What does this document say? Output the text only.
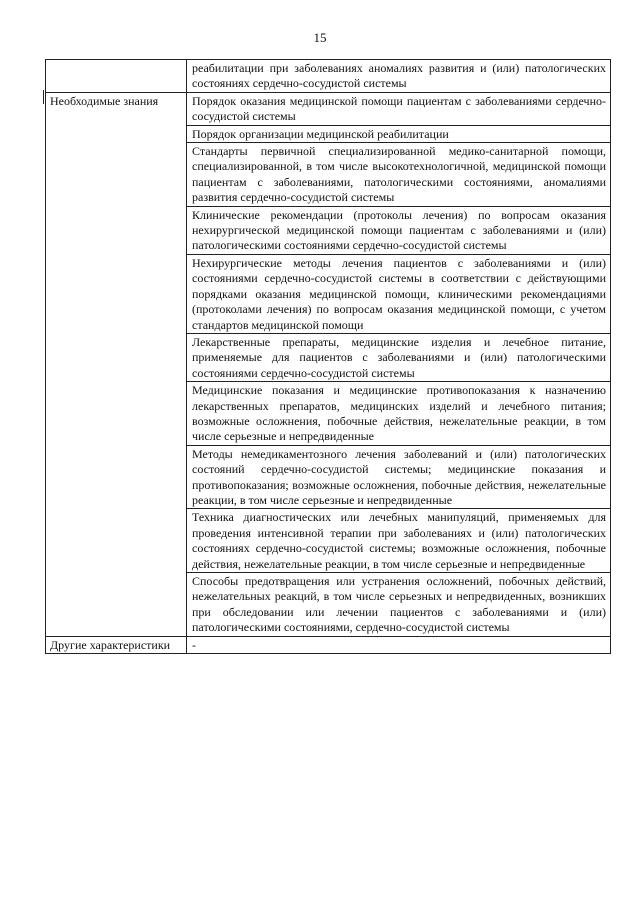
15
	реабилитации при заболеваниях аномалиях развития и (или) патологических состояниях сердечно-сосудистой системы
Необходимые знания	Порядок оказания медицинской помощи пациентам с заболеваниями сердечно-сосудистой системы
	Порядок организации медицинской реабилитации
	Стандарты первичной специализированной медико-санитарной помощи, специализированной, в том числе высокотехнологичной, медицинской помощи пациентам с заболеваниями, патологическими состояниями, аномалиями развития сердечно-сосудистой системы
	Клинические рекомендации (протоколы лечения) по вопросам оказания нехирургической медицинской помощи пациентам с заболеваниями и (или) патологическими состояниями сердечно-сосудистой системы
	Нехирургические методы лечения пациентов с заболеваниями и (или) состояниями сердечно-сосудистой системы в соответствии с действующими порядками оказания медицинской помощи, клиническими рекомендациями (протоколами лечения) по вопросам оказания медицинской помощи, с учетом стандартов медицинской помощи
	Лекарственные препараты, медицинские изделия и лечебное питание, применяемые для пациентов с заболеваниями и (или) патологическими состояниями сердечно-сосудистой системы
	Медицинские показания и медицинские противопоказания к назначению лекарственных препаратов, медицинских изделий и лечебного питания; возможные осложнения, побочные действия, нежелательные реакции, в том числе серьезные и непредвиденные
	Методы немедикаментозного лечения заболеваний и (или) патологических состояний сердечно-сосудистой системы; медицинские показания и противопоказания; возможные осложнения, побочные действия, нежелательные реакции, в том числе серьезные и непредвиденные
	Техника диагностических или лечебных манипуляций, применяемых для проведения интенсивной терапии при заболеваниях и (или) патологических состояниях сердечно-сосудистой системы; возможные осложнения, побочные действия, нежелательные реакции, в том числе серьезные и непредвиденные
	Способы предотвращения или устранения осложнений, побочных действий, нежелательных реакций, в том числе серьезных и непредвиденных, возникших при обследовании или лечении пациентов с заболеваниями и (или) патологическими состояниями, сердечно-сосудистой системы
Другие характеристики	-
